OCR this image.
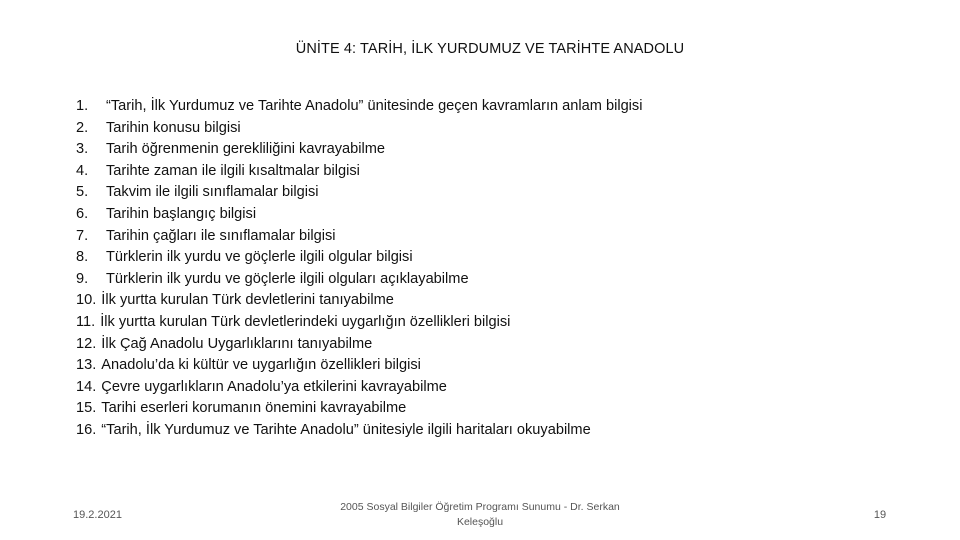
ÜNİTE 4: TARİH, İLK YURDUMUZ VE TARİHTE ANADOLU
1. “Tarih, İlk Yurdumuz ve Tarihte Anadolu” ünitesinde geçen kavramların anlam bilgisi
2. Tarihin konusu bilgisi
3. Tarih öğrenmenin gerekliliğini kavrayabilme
4. Tarihte zaman ile ilgili kısaltmalar bilgisi
5. Takvim ile ilgili sınıflamalar bilgisi
6. Tarihin başlangıç bilgisi
7. Tarihin çağları ile sınıflamalar bilgisi
8. Türklerin ilk yurdu ve göçlerle ilgili olgular bilgisi
9. Türklerin ilk yurdu ve göçlerle ilgili olguları açıklayabilme
10. İlk yurtta kurulan Türk devletlerini tanıyabilme
11. İlk yurtta kurulan Türk devletlerindeki uygarlığın özellikleri bilgisi
12. İlk Çağ Anadolu Uygarlıklarını tanıyabilme
13. Anadolu’da ki kültür ve uygarlığın özellikleri bilgisi
14. Çevre uygarlıkların Anadolu’ya etkilerini kavrayabilme
15. Tarihi eserleri korumanın önemini kavrayabilme
16. “Tarih, İlk Yurdumuz ve Tarihte Anadolu” ünitesiyle ilgili haritaları okuyabilme
19.2.2021
2005 Sosyal Bilgiler Öğretim Programı Sunumu - Dr. Serkan Keleşoğlu
19
